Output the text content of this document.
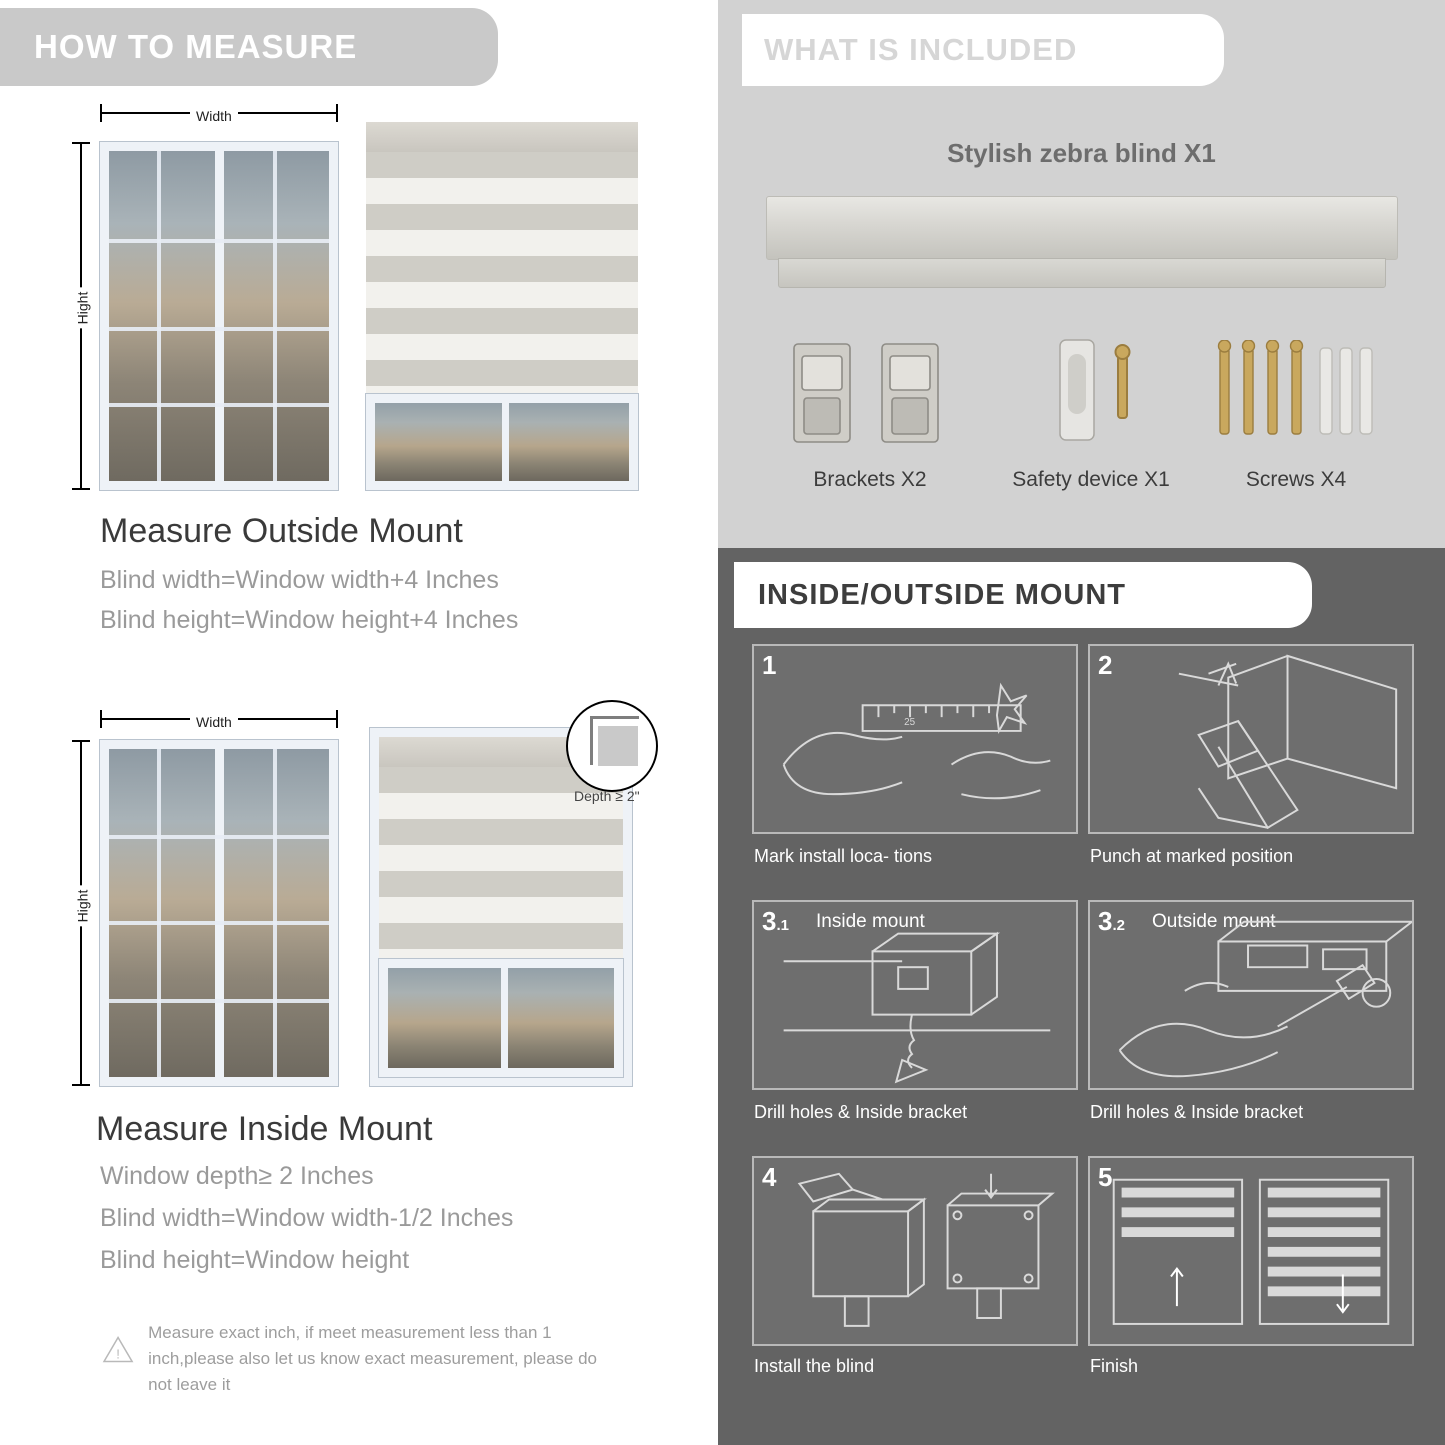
HOW TO MEASURE
Width
Hight
Measure Outside Mount
Blind width=Window width+4 Inches
Blind height=Window height+4 Inches
Width
Hight
Depth ≥ 2"
Measure Inside Mount
Window depth≥ 2 Inches
Blind width=Window width-1/2 Inches
Blind height=Window height
!

Measure exact inch, if meet measurement less than 1 inch,please also let us know exact measurement, please do not leave it

WHAT IS INCLUDED
Stylish zebra blind X1
Brackets X2	Safety device X1	Screws X4
INSIDE/OUTSIDE MOUNT
1
25
Mark install loca- tions
2
Punch at marked position
3.1 Inside mount
Drill holes & Inside bracket
3.2 Outside mount
Drill holes & Inside bracket
4
Install the blind
5
Finish
